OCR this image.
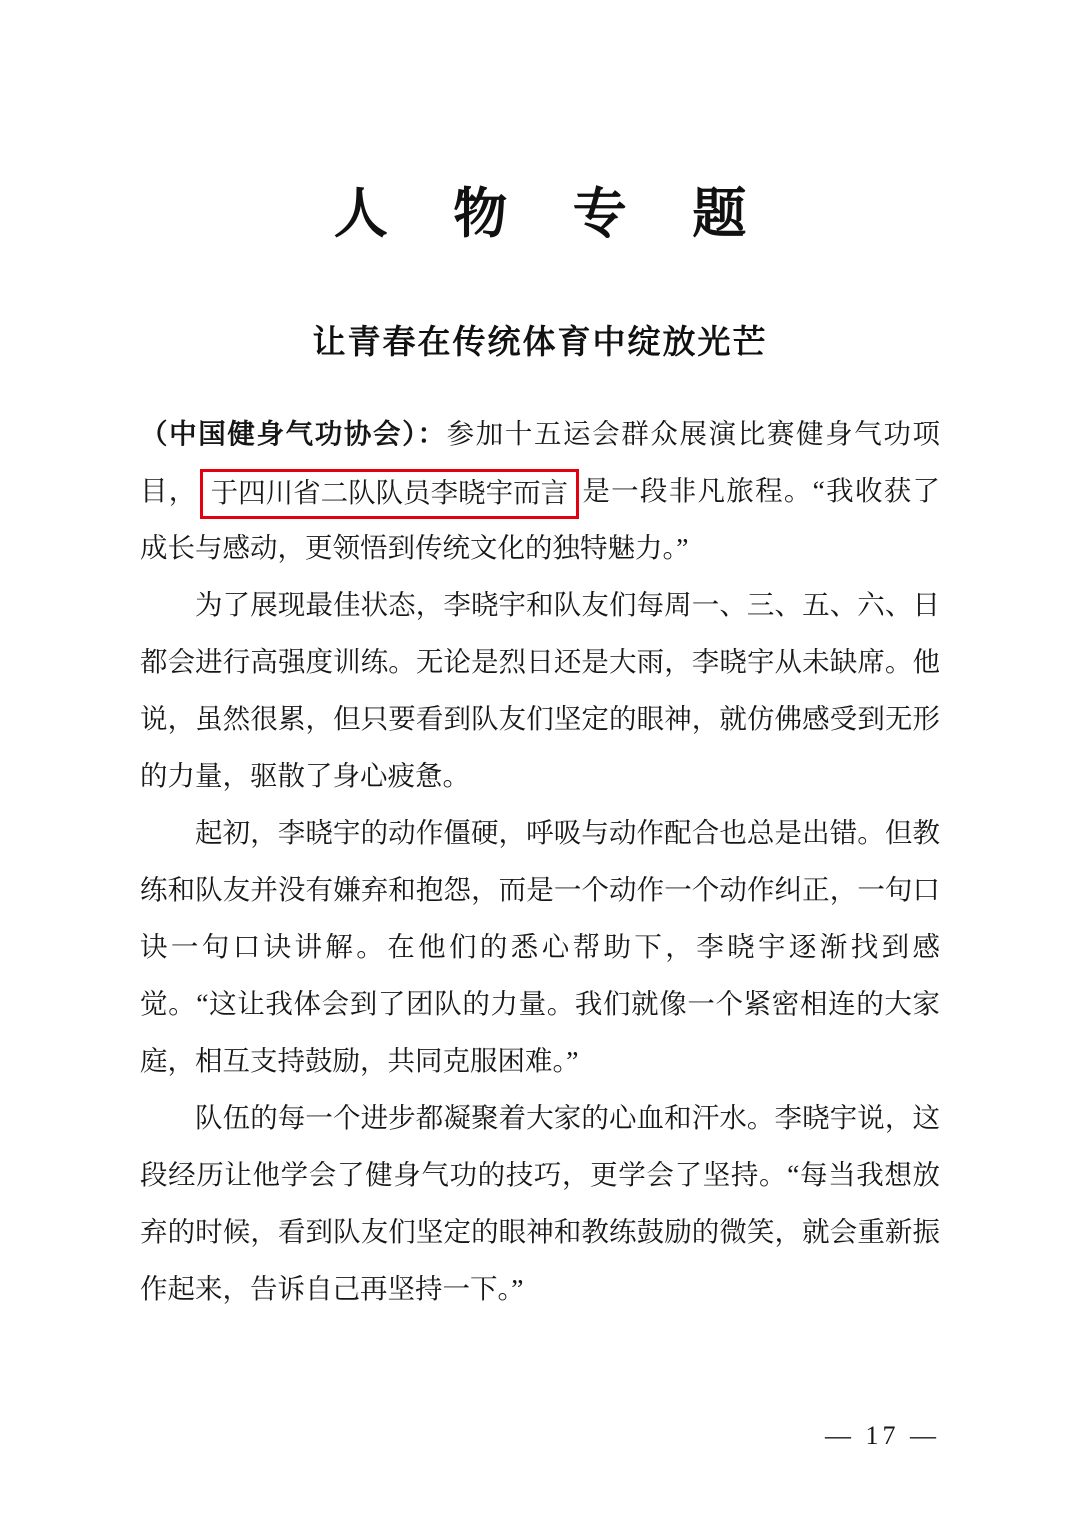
人 物 专 题
让青春在传统体育中绽放光芒

（中国健身气功协会）：参加十五运会群众展演比赛健身气功项目， 于四川省二队队员李晓宇而言 是一段非凡旅程。“我收获了成长与感动，更领悟到传统文化的独特魅力。”

为了展现最佳状态，李晓宇和队友们每周一、三、五、六、日都会进行高强度训练。无论是烈日还是大雨，李晓宇从未缺席。他说，虽然很累，但只要看到队友们坚定的眼神，就仿佛感受到无形的力量，驱散了身心疲惫。

起初，李晓宇的动作僵硬，呼吸与动作配合也总是出错。但教练和队友并没有嫌弃和抱怨，而是一个动作一个动作纠正，一句口诀一句口诀讲解。在他们的悉心帮助下，李晓宇逐渐找到感觉。“这让我体会到了团队的力量。我们就像一个紧密相连的大家庭，相互支持鼓励，共同克服困难。”

队伍的每一个进步都凝聚着大家的心血和汗水。李晓宇说，这段经历让他学会了健身气功的技巧，更学会了坚持。“每当我想放弃的时候，看到队友们坚定的眼神和教练鼓励的微笑，就会重新振作起来，告诉自己再坚持一下。”

— 17 —
